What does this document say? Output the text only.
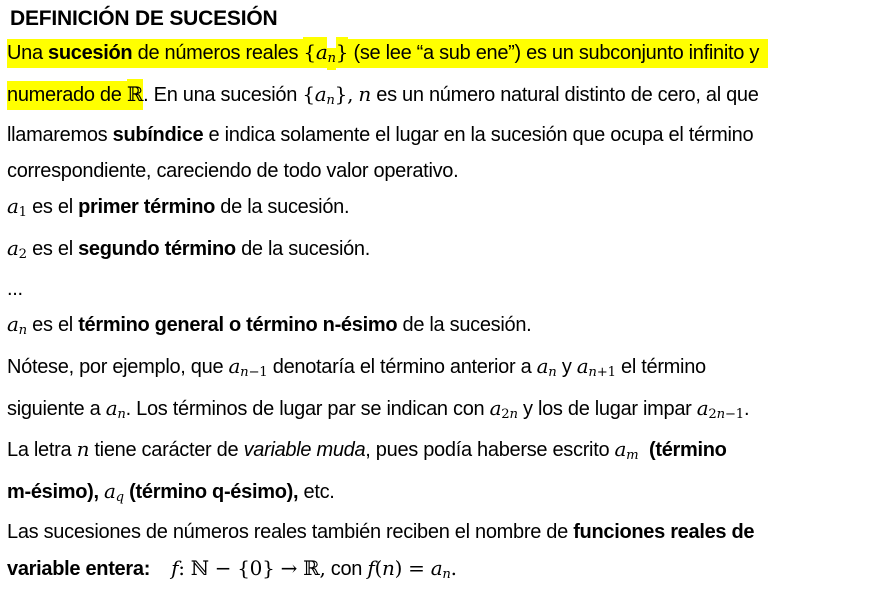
DEFINICIÓN DE SUCESIÓN
Una sucesión de números reales $\{a_n\}$ (se lee “a sub ene”) es un subconjunto infinito y
numerado de ℝ. En una sucesión $\{a_n\}$, n es un número natural distinto de cero, al que
llamaremos subíndice e indica solamente el lugar en la sucesión que ocupa el término
correspondiente, careciendo de todo valor operativo.
$a_1$ es el primer término de la sucesión.
$a_2$ es el segundo término de la sucesión.
...
$a_n$ es el término general o término n-ésimo de la sucesión.
Nótese, por ejemplo, que $a_{n-1}$ denotaría el término anterior a $a_n$ y $a_{n+1}$ el término
siguiente a $a_n$. Los términos de lugar par se indican con $a_{2n}$ y los de lugar impar $a_{2n-1}$.
La letra n tiene carácter de variable muda, pues podía haberse escrito $a_m$ (término
m-ésimo), $a_q$ (término q-ésimo), etc.
Las sucesiones de números reales también reciben el nombre de funciones reales de
variable entera: f: ℕ − {0} → ℝ, con $f(n) = a_n$.
